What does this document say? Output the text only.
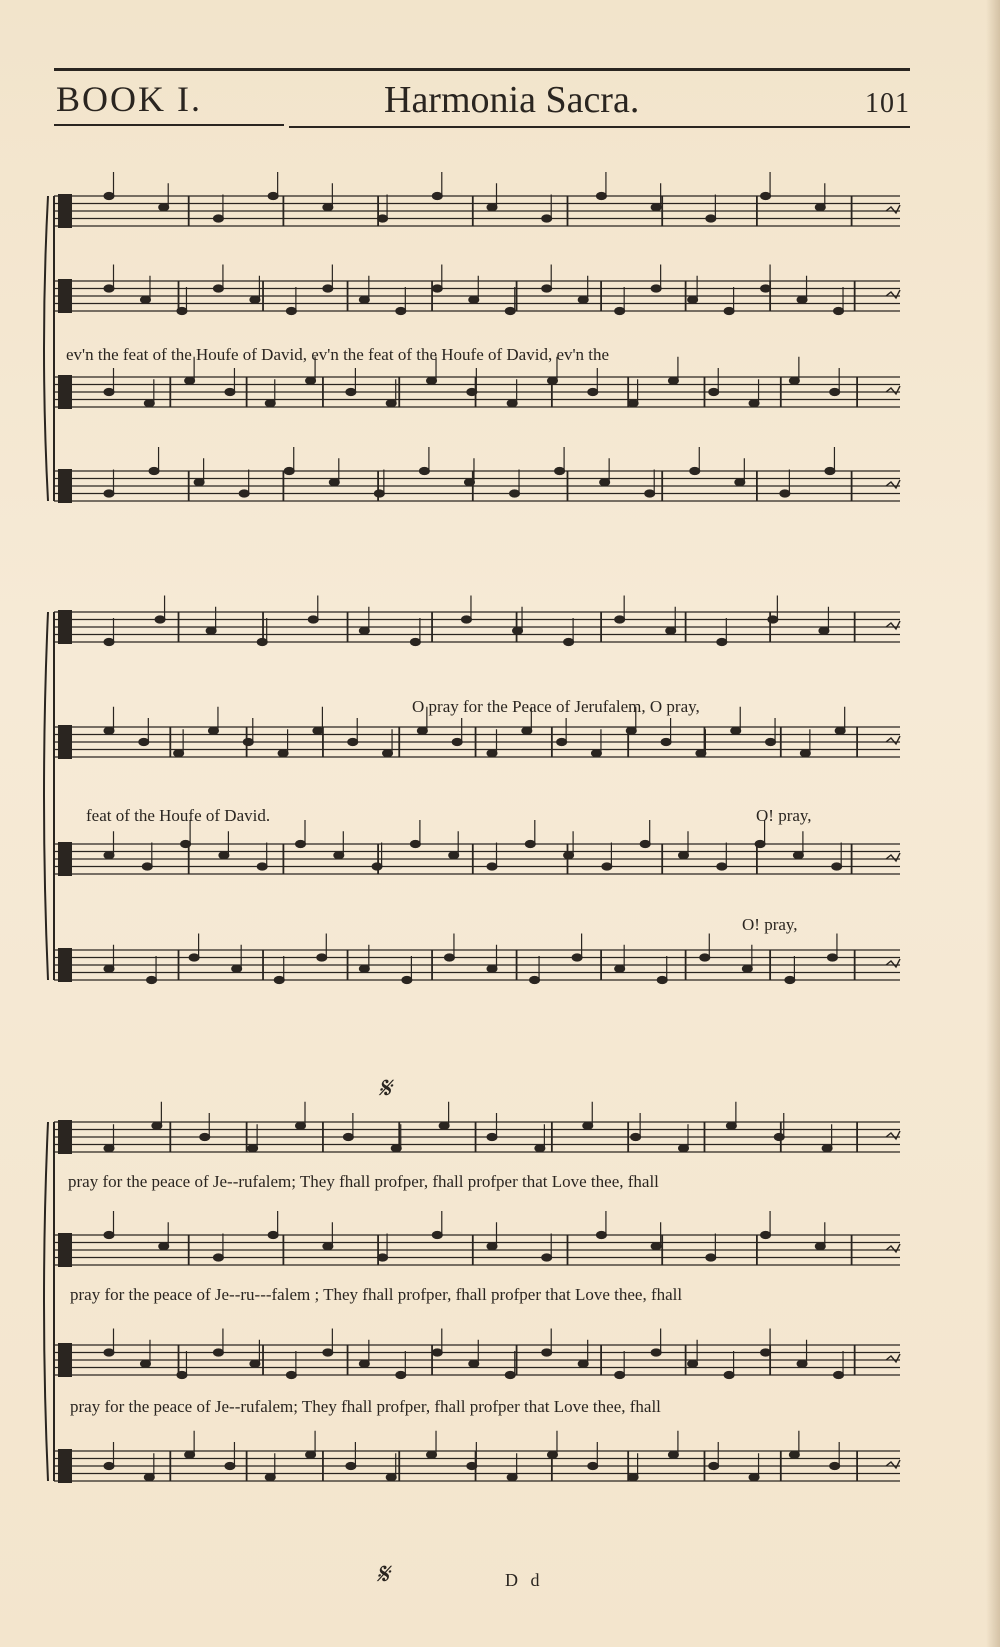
BOOK I.	Harmonia Sacra.	101
ev'n the feat of the Houfe of David, ev'n the feat of the Houfe of David, ev'n the
O pray for the Peace of Jerufalem, O pray,
feat of the Houfe of David.	O! pray,
O! pray,
𝄋
pray for the peace of Je--rufalem; They fhall profper, fhall profper that Love thee, fhall
pray for the peace of Je--ru---falem ; They fhall profper, fhall profper that Love thee, fhall
pray for the peace of Je--rufalem; They fhall profper, fhall profper that Love thee, fhall
𝄋	D d
